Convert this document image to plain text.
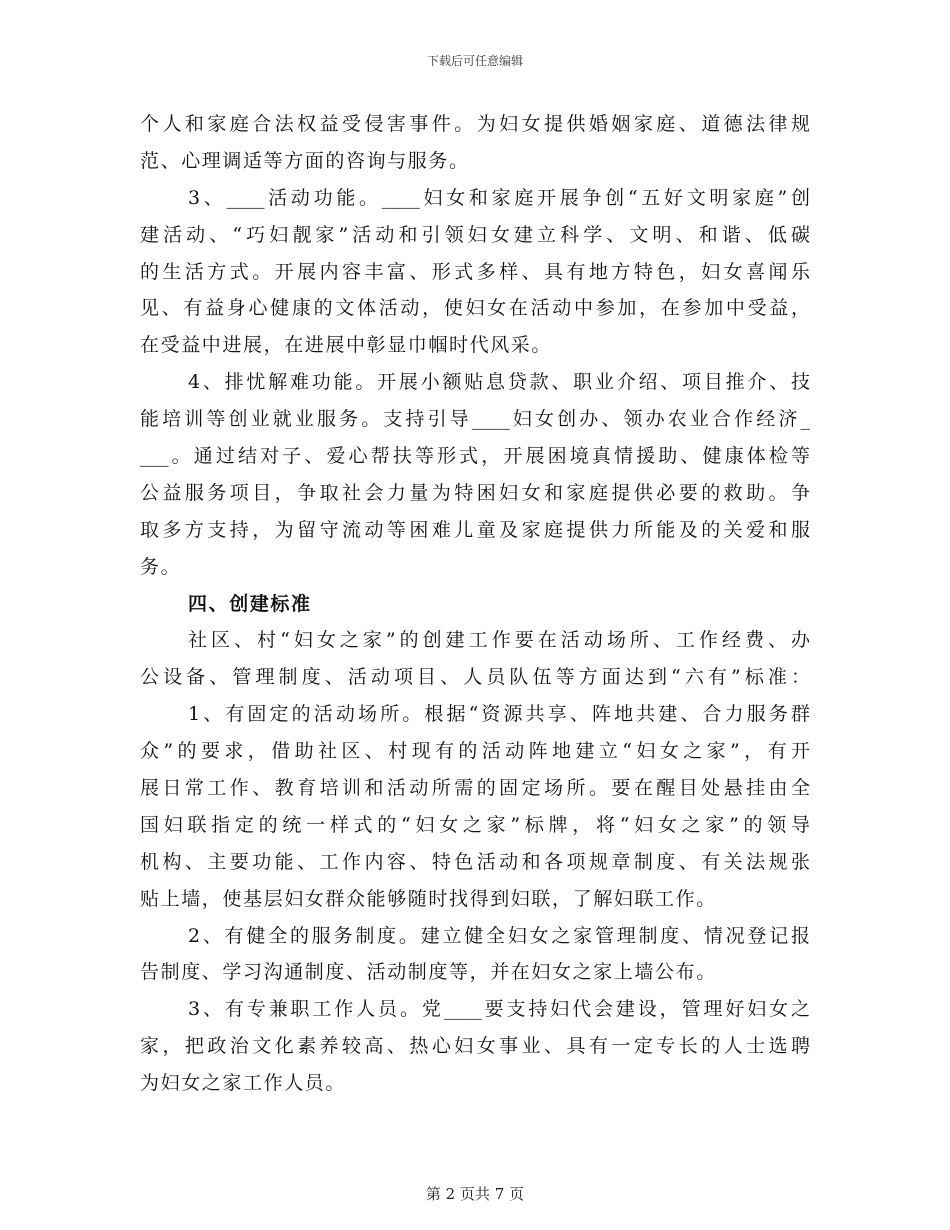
下载后可任意编辑
个人和家庭合法权益受侵害事件。为妇女提供婚姻家庭、道德法律规
范、心理调适等方面的咨询与服务。
3、____活动功能。____妇女和家庭开展争创“五好文明家庭”创
建活动、“巧妇靓家”活动和引领妇女建立科学、文明、和谐、低碳
的生活方式。开展内容丰富、形式多样、具有地方特色，妇女喜闻乐
见、有益身心健康的文体活动，使妇女在活动中参加，在参加中受益，
在受益中进展，在进展中彰显巾帼时代风采。
4、排忧解难功能。开展小额贴息贷款、职业介绍、项目推介、技
能培训等创业就业服务。支持引导____妇女创办、领办农业合作经济_
___。通过结对子、爱心帮扶等形式，开展困境真情援助、健康体检等
公益服务项目，争取社会力量为特困妇女和家庭提供必要的救助。争
取多方支持，为留守流动等困难儿童及家庭提供力所能及的关爱和服
务。
四、创建标准
社区、村“妇女之家”的创建工作要在活动场所、工作经费、办
公设备、管理制度、活动项目、人员队伍等方面达到“六有”标准：
1、有固定的活动场所。根据“资源共享、阵地共建、合力服务群
众”的要求，借助社区、村现有的活动阵地建立“妇女之家”，有开
展日常工作、教育培训和活动所需的固定场所。要在醒目处悬挂由全
国妇联指定的统一样式的“妇女之家”标牌，将“妇女之家”的领导
机构、主要功能、工作内容、特色活动和各项规章制度、有关法规张
贴上墙，使基层妇女群众能够随时找得到妇联，了解妇联工作。
2、有健全的服务制度。建立健全妇女之家管理制度、情况登记报
告制度、学习沟通制度、活动制度等，并在妇女之家上墙公布。
3、有专兼职工作人员。党____要支持妇代会建设，管理好妇女之
家，把政治文化素养较高、热心妇女事业、具有一定专长的人士选聘
为妇女之家工作人员。
第 2 页共 7 页
